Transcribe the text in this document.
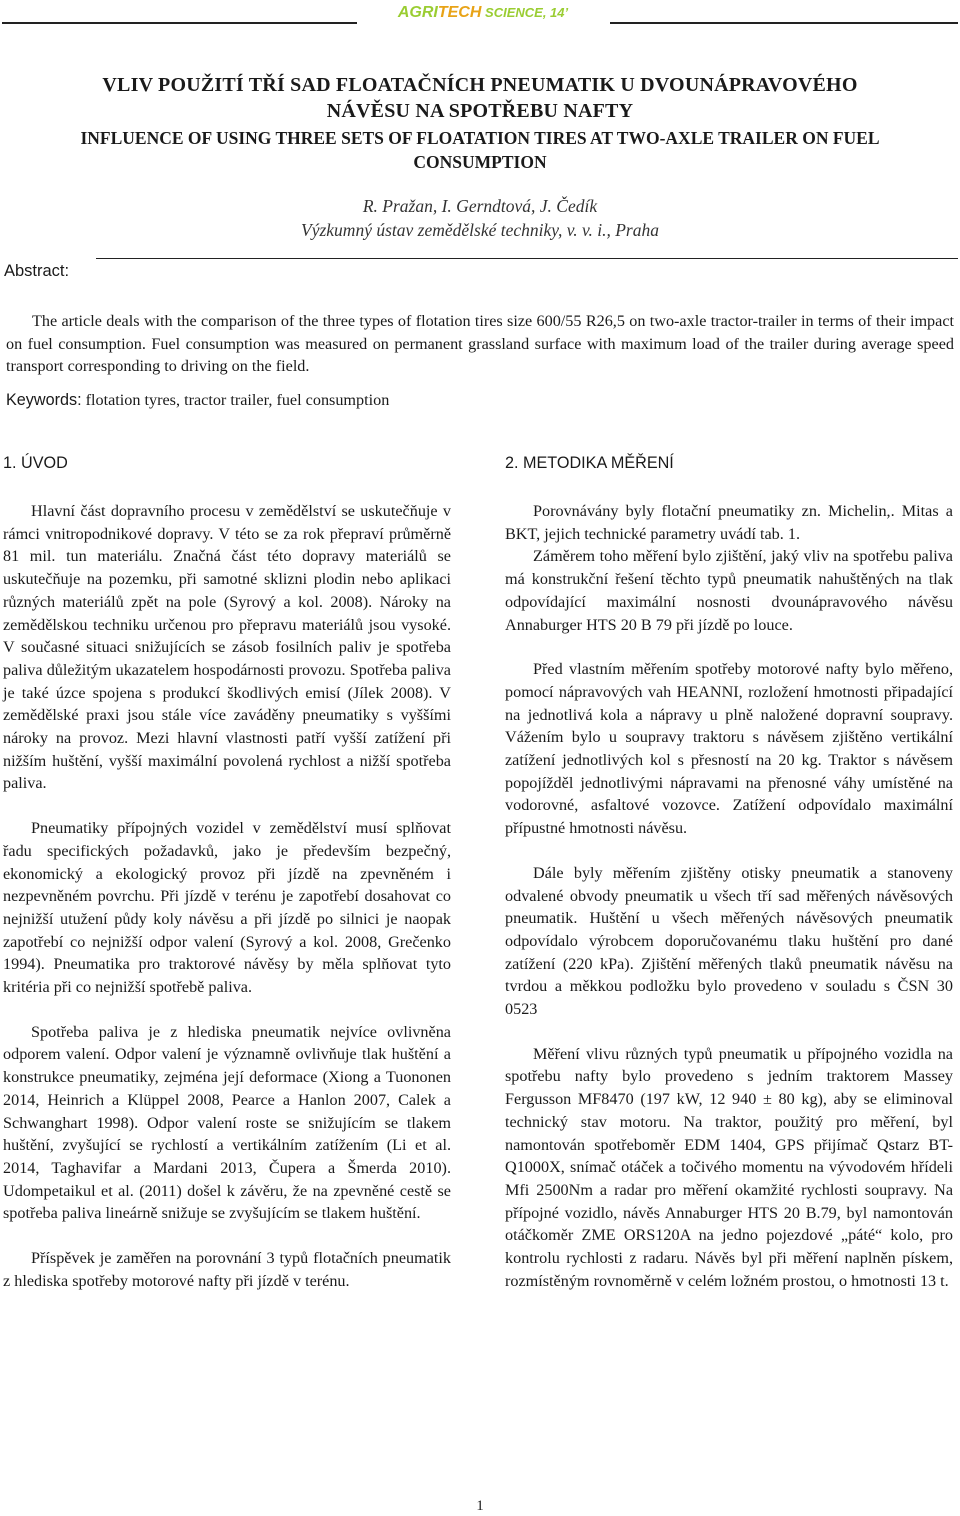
AGRITECH SCIENCE, 14’
VLIV POUŽITÍ TŘÍ SAD FLOATAČNÍCH PNEUMATIK U DVOUNÁPRAVOVÉHO
NÁVĚSU NA SPOTŘEBU NAFTY
INFLUENCE OF USING THREE SETS OF FLOATATION TIRES AT TWO-AXLE TRAILER ON FUEL
CONSUMPTION
R. Pražan, I. Gerndtová, J. Čedík
Výzkumný ústav zemědělské techniky, v. v. i., Praha
Abstract:

The article deals with the comparison of the three types of flotation tires size 600/55 R26,5 on two-axle tractor-trailer in terms of their impact on fuel consumption. Fuel consumption was measured on permanent grassland surface with maximum load of the trailer during average speed transport corresponding to driving on the field.

Keywords: flotation tyres, tractor trailer, fuel consumption
1. ÚVOD

Hlavní část dopravního procesu v zemědělství se uskutečňuje v rámci vnitropodnikové dopravy. V této se za rok přepraví průměrně 81 mil. tun materiálu. Značná část této dopravy materiálů se uskutečňuje na pozemku, při samotné sklizni plodin nebo aplikaci různých materiálů zpět na pole (Syrový a kol. 2008). Nároky na zemědělskou techniku určenou pro přepravu materiálů jsou vysoké. V současné situaci snižujících se zásob fosilních paliv je spotřeba paliva důležitým ukazatelem hospodárnosti provozu. Spotřeba paliva je také úzce spojena s produkcí škodlivých emisí (Jílek 2008). V zemědělské praxi jsou stále více zaváděny pneumatiky s vyššími nároky na provoz. Mezi hlavní vlastnosti patří vyšší zatížení při nižším huštění, vyšší maximální povolená rychlost a nižší spotřeba paliva.

Pneumatiky přípojných vozidel v zemědělství musí splňovat řadu specifických požadavků, jako je především bezpečný, ekonomický a ekologický provoz při jízdě na zpevněném i nezpevněném povrchu. Při jízdě v terénu je zapotřebí dosahovat co nejnižší utužení půdy koly návěsu a při jízdě po silnici je naopak zapotřebí co nejnižší odpor valení (Syrový a kol. 2008, Grečenko 1994). Pneumatika pro traktorové návěsy by měla splňovat tyto kritéria při co nejnižší spotřebě paliva.

Spotřeba paliva je z hlediska pneumatik nejvíce ovlivněna odporem valení. Odpor valení je významně ovlivňuje tlak huštění a konstrukce pneumatiky, zejména její deformace (Xiong a Tuononen 2014, Heinrich a Klüppel 2008, Pearce a Hanlon 2007, Calek a Schwanghart 1998). Odpor valení roste se snižujícím se tlakem huštění, zvyšující se rychlostí a vertikálním zatížením (Li et al. 2014, Taghavifar a Mardani 2013, Čupera a Šmerda 2010). Udompetaikul et al. (2011) došel k závěru, že na zpevněné cestě se spotřeba paliva lineárně snižuje se zvyšujícím se tlakem huštění.

Příspěvek je zaměřen na porovnání 3 typů flotačních pneumatik z hlediska spotřeby motorové nafty při jízdě v terénu.

2. METODIKA MĚŘENÍ

Porovnávány byly flotační pneumatiky zn. Michelin,. Mitas a BKT, jejich technické parametry uvádí tab. 1.

Záměrem toho měření bylo zjištění, jaký vliv na spotřebu paliva má konstrukční řešení těchto typů pneumatik nahuštěných na tlak odpovídající maximální nosnosti dvounápravového návěsu Annaburger HTS 20 B 79 při jízdě po louce.

Před vlastním měřením spotřeby motorové nafty bylo měřeno, pomocí nápravových vah HEANNI, rozložení hmotnosti připadající na jednotlivá kola a nápravy u plně naložené dopravní soupravy. Vážením bylo u soupravy traktoru s návěsem zjištěno vertikální zatížení jednotlivých kol s přesností na 20 kg. Traktor s návěsem popojížděl jednotlivými nápravami na přenosné váhy umístěné na vodorovné, asfaltové vozovce. Zatížení odpovídalo maximální přípustné hmotnosti návěsu.

Dále byly měřením zjištěny otisky pneumatik a stanoveny odvalené obvody pneumatik u všech tří sad měřených návěsových pneumatik. Huštění u všech měřených návěsových pneumatik odpovídalo výrobcem doporučovanému tlaku huštění pro dané zatížení (220 kPa). Zjištění měřených tlaků pneumatik návěsu na tvrdou a měkkou podložku bylo provedeno v souladu s ČSN 30 0523

Měření vlivu různých typů pneumatik u přípojného vozidla na spotřebu nafty bylo provedeno s jedním traktorem Massey Fergusson MF8470 (197 kW, 12 940 ± 80 kg), aby se eliminoval technický stav motoru. Na traktor, použitý pro měření, byl namontován spotřeboměr EDM 1404, GPS přijímač Qstarz BT-Q1000X, snímač otáček a točivého momentu na vývodovém hřídeli Mfi 2500Nm a radar pro měření okamžité rychlosti soupravy. Na přípojné vozidlo, návěs Annaburger HTS 20 B.79, byl namontován otáčkoměr ZME ORS120A na jedno pojezdové „páté“ kolo, pro kontrolu rychlosti z radaru. Návěs byl při měření naplněn pískem, rozmístěným rovnoměrně v celém ložném prostou, o hmotnosti 13 t.

1
